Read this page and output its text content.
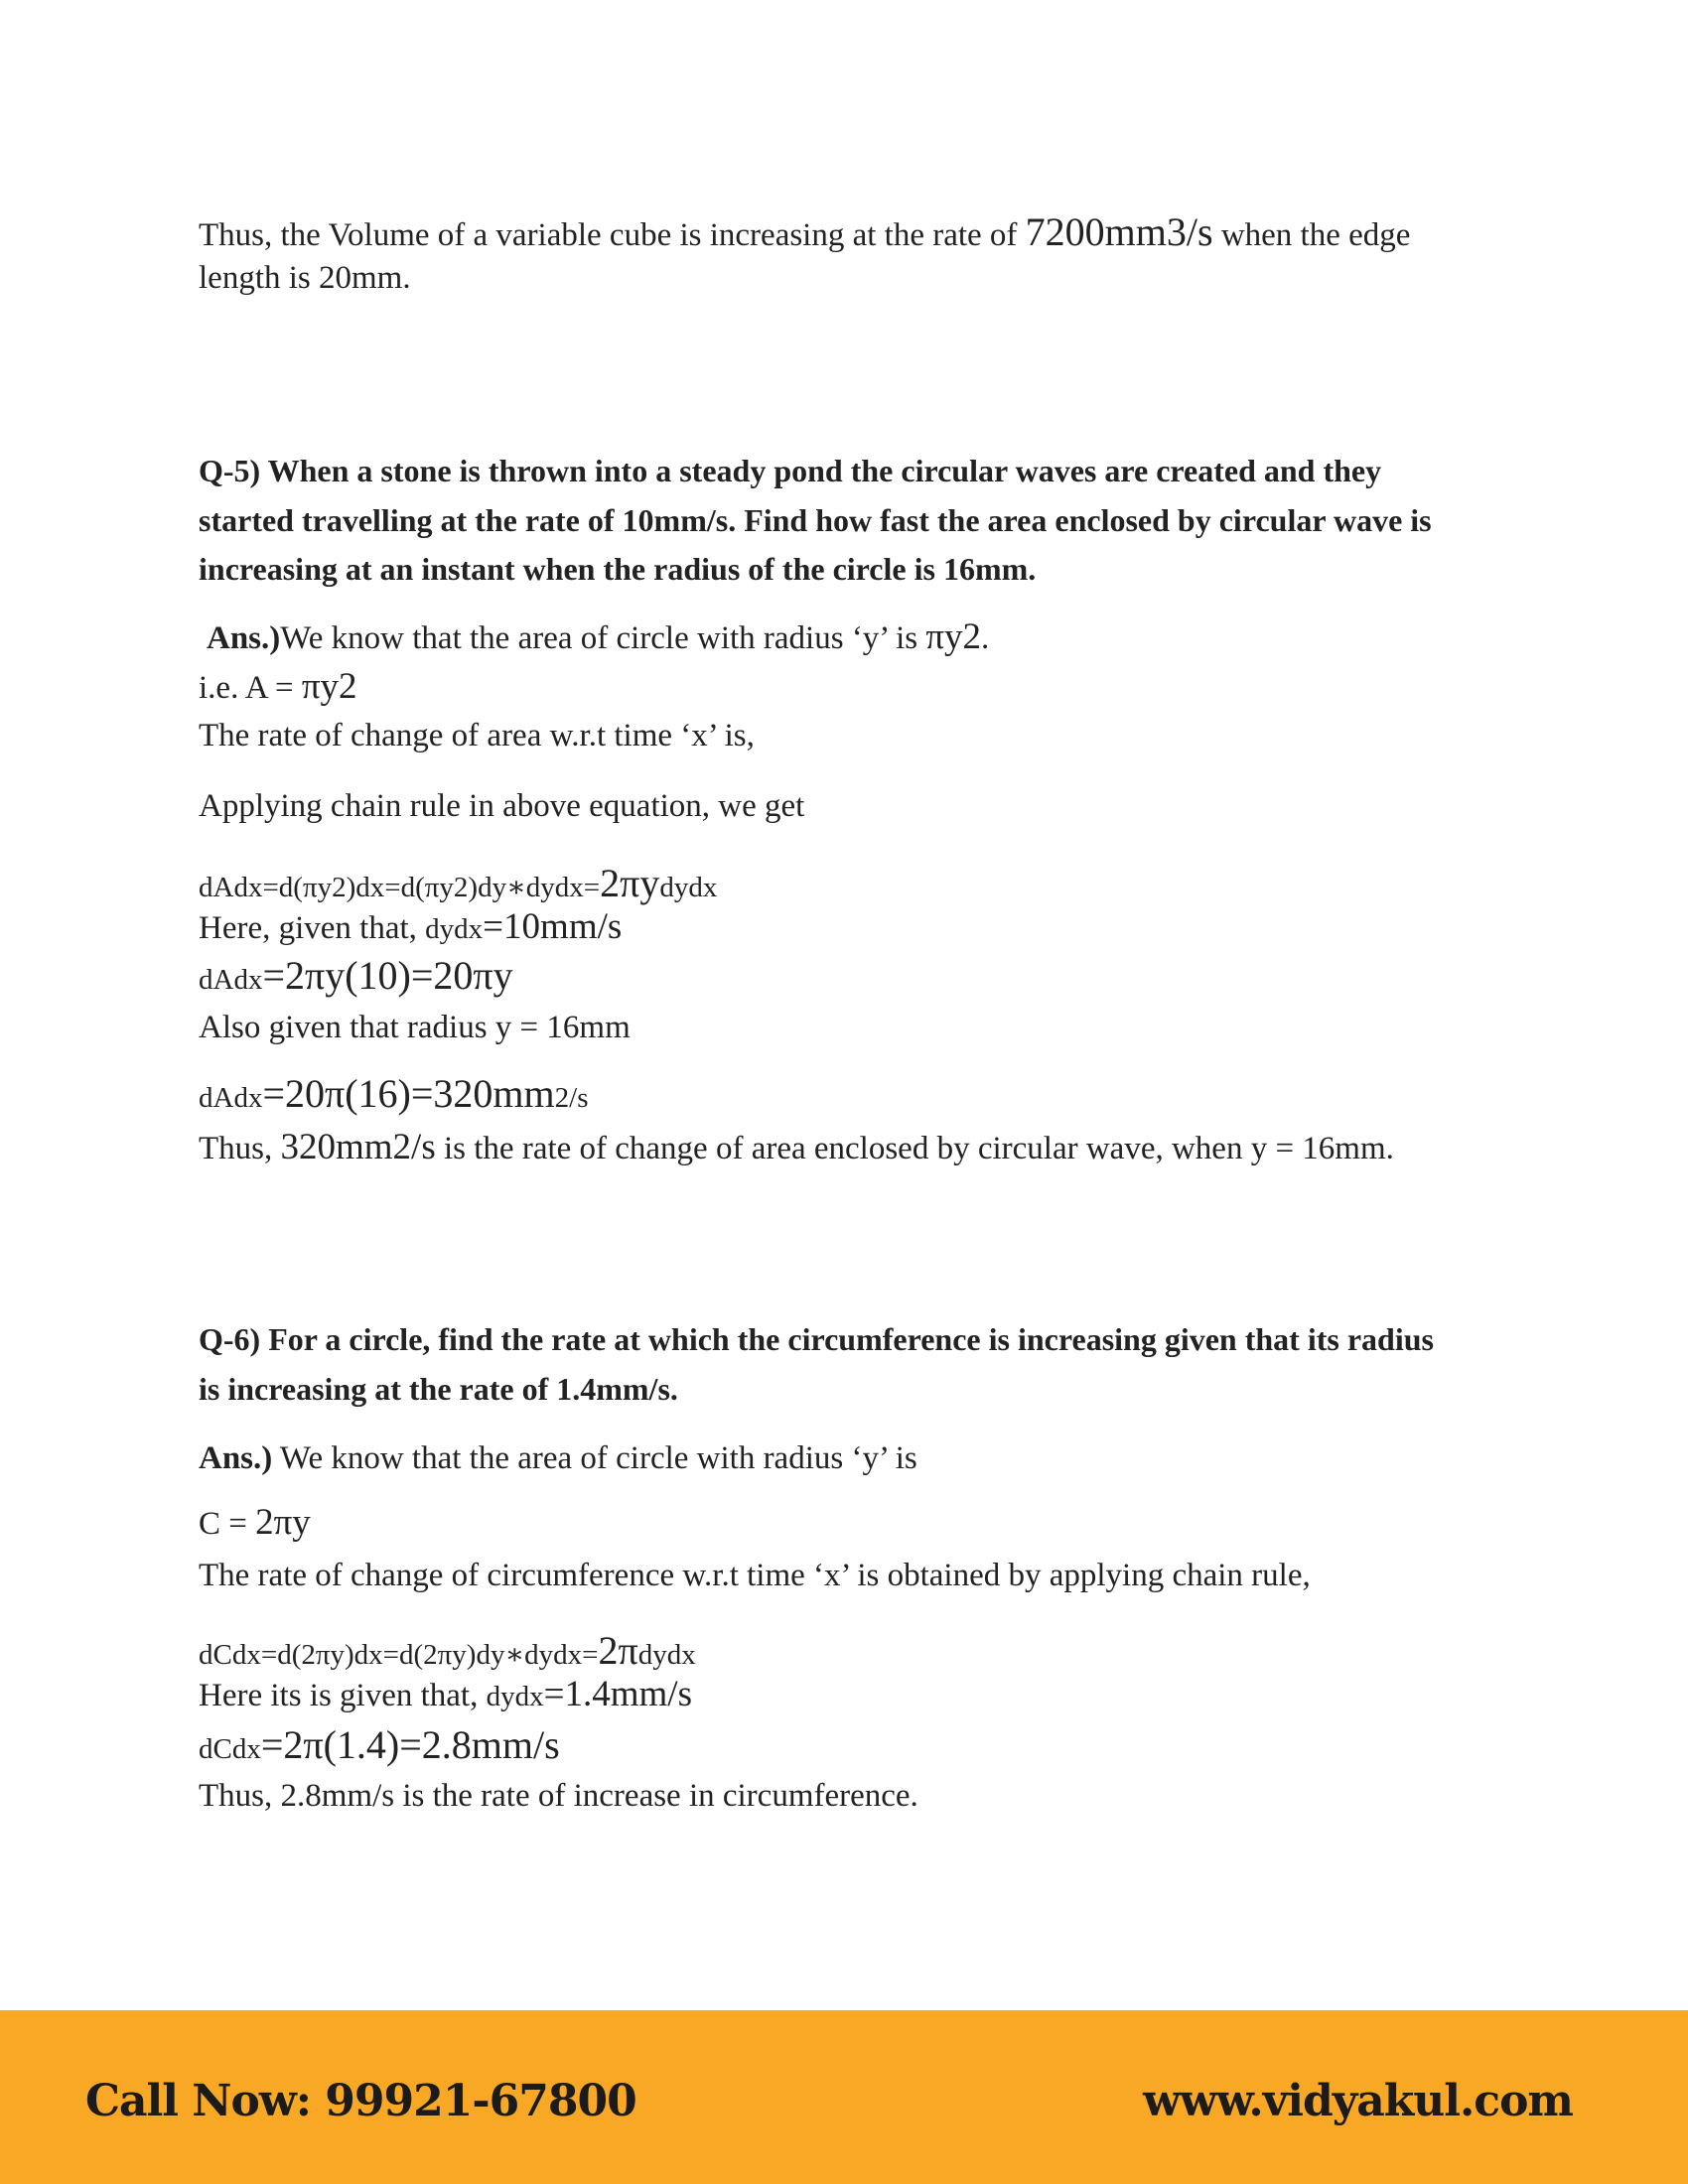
Thus, the Volume of a variable cube is increasing at the rate of 7200mm3/s when the edge
length is 20mm.
Q-5) When a stone is thrown into a steady pond the circular waves are created and they
started travelling at the rate of 10mm/s. Find how fast the area enclosed by circular wave is
increasing at an instant when the radius of the circle is 16mm.
Ans.)We know that the area of circle with radius ‘y’ is πy2.
i.e. A = πy2
The rate of change of area w.r.t time ‘x’ is,
Applying chain rule in above equation, we get
dAdx=d(πy2)dx=d(πy2)dy∗dydx=2πydydx
Here, given that, dydx=10mm/s
dAdx=2πy(10)=20πy
Also given that radius y = 16mm
dAdx=20π(16)=320mm2/s
Thus, 320mm2/s is the rate of change of area enclosed by circular wave, when y = 16mm.
Q-6) For a circle, find the rate at which the circumference is increasing given that its radius
is increasing at the rate of 1.4mm/s.
Ans.) We know that the area of circle with radius ‘y’ is
C = 2πy
The rate of change of circumference w.r.t time ‘x’ is obtained by applying chain rule,
dCdx=d(2πy)dx=d(2πy)dy∗dydx=2πdydx
Here its is given that, dydx=1.4mm/s
dCdx=2π(1.4)=2.8mm/s
Thus, 2.8mm/s is the rate of increase in circumference.
Call Now: 99921-67800	www.vidyakul.com
